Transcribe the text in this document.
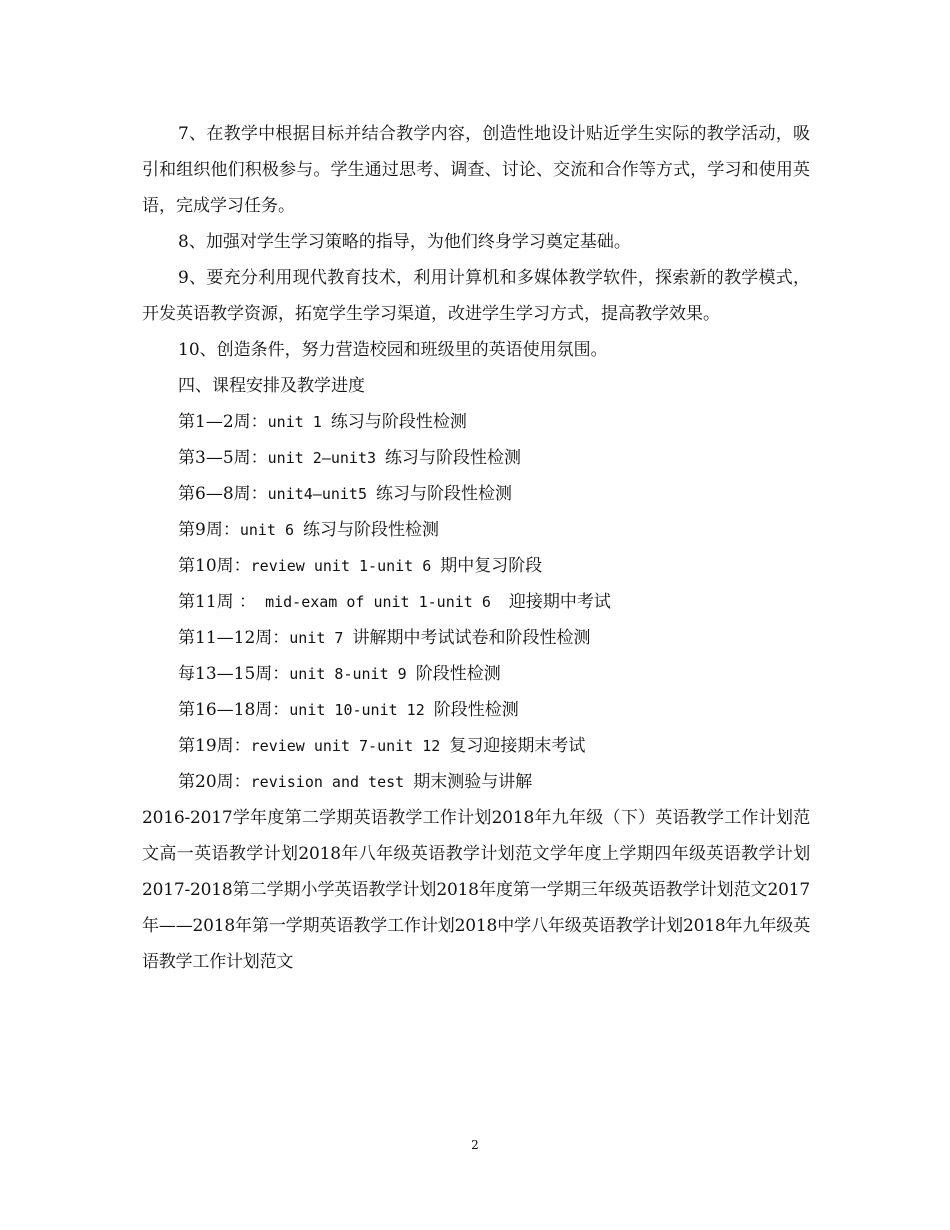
7、在教学中根据目标并结合教学内容，创造性地设计贴近学生实际的教学活动，吸引和组织他们积极参与。学生通过思考、调查、讨论、交流和合作等方式，学习和使用英语，完成学习任务。

8、加强对学生学习策略的指导，为他们终身学习奠定基础。

9、要充分利用现代教育技术，利用计算机和多媒体教学软件，探索新的教学模式，开发英语教学资源，拓宽学生学习渠道，改进学生学习方式，提高教学效果。

10、创造条件，努力营造校园和班级里的英语使用氛围。

四、课程安排及教学进度

第1—2周：unit 1 练习与阶段性检测
第3—5周：unit 2—unit3 练习与阶段性检测
第6—8周：unit4—unit5 练习与阶段性检测
第9周：unit 6 练习与阶段性检测
第10周：review unit 1-unit 6 期中复习阶段
第11周 ： mid-exam of unit 1-unit 6  迎接期中考试
第11—12周：unit 7 讲解期中考试试卷和阶段性检测
每13—15周：unit 8-unit 9 阶段性检测
第16—18周：unit 10-unit 12 阶段性检测
第19周：review unit 7-unit 12 复习迎接期末考试
第20周：revision and test 期末测验与讲解

2016-2017学年度第二学期英语教学工作计划2018年九年级（下）英语教学工作计划范文高一英语教学计划2018年八年级英语教学计划范文学年度上学期四年级英语教学计划2017-2018第二学期小学英语教学计划2018年度第一学期三年级英语教学计划范文2017年——2018年第一学期英语教学工作计划2018中学八年级英语教学计划2018年九年级英语教学工作计划范文

2
